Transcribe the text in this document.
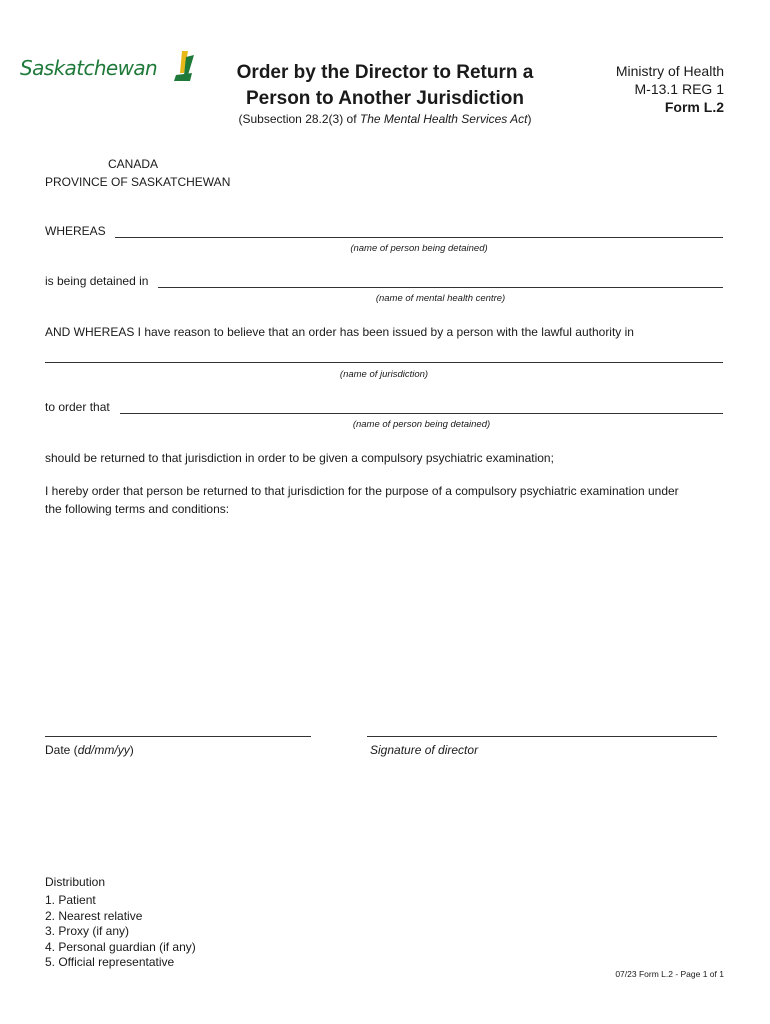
Saskatchewan	Order by the Director to Return a
Person to Another Jurisdiction
(Subsection 28.2(3) of The Mental Health Services Act)
Ministry of Health
M-13.1 REG 1
Form L.2
CANADA
PROVINCE OF SASKATCHEWAN
WHEREAS
(name of person being detained)
is being detained in
(name of mental health centre)
AND WHEREAS I have reason to believe that an order has been issued by a person with the lawful authority in
(name of jurisdiction)
to order that
(name of person being detained)
should be returned to that jurisdiction in order to be given a compulsory psychiatric examination;
I hereby order that person be returned to that jurisdiction for the purpose of a compulsory psychiatric examination under
the following terms and conditions:
Date (dd/mm/yy)	Signature of director
Distribution
1. Patient
2. Nearest relative
3. Proxy (if any)
4. Personal guardian (if any)
5. Official representative
07/23 Form L.2 - Page 1 of 1
